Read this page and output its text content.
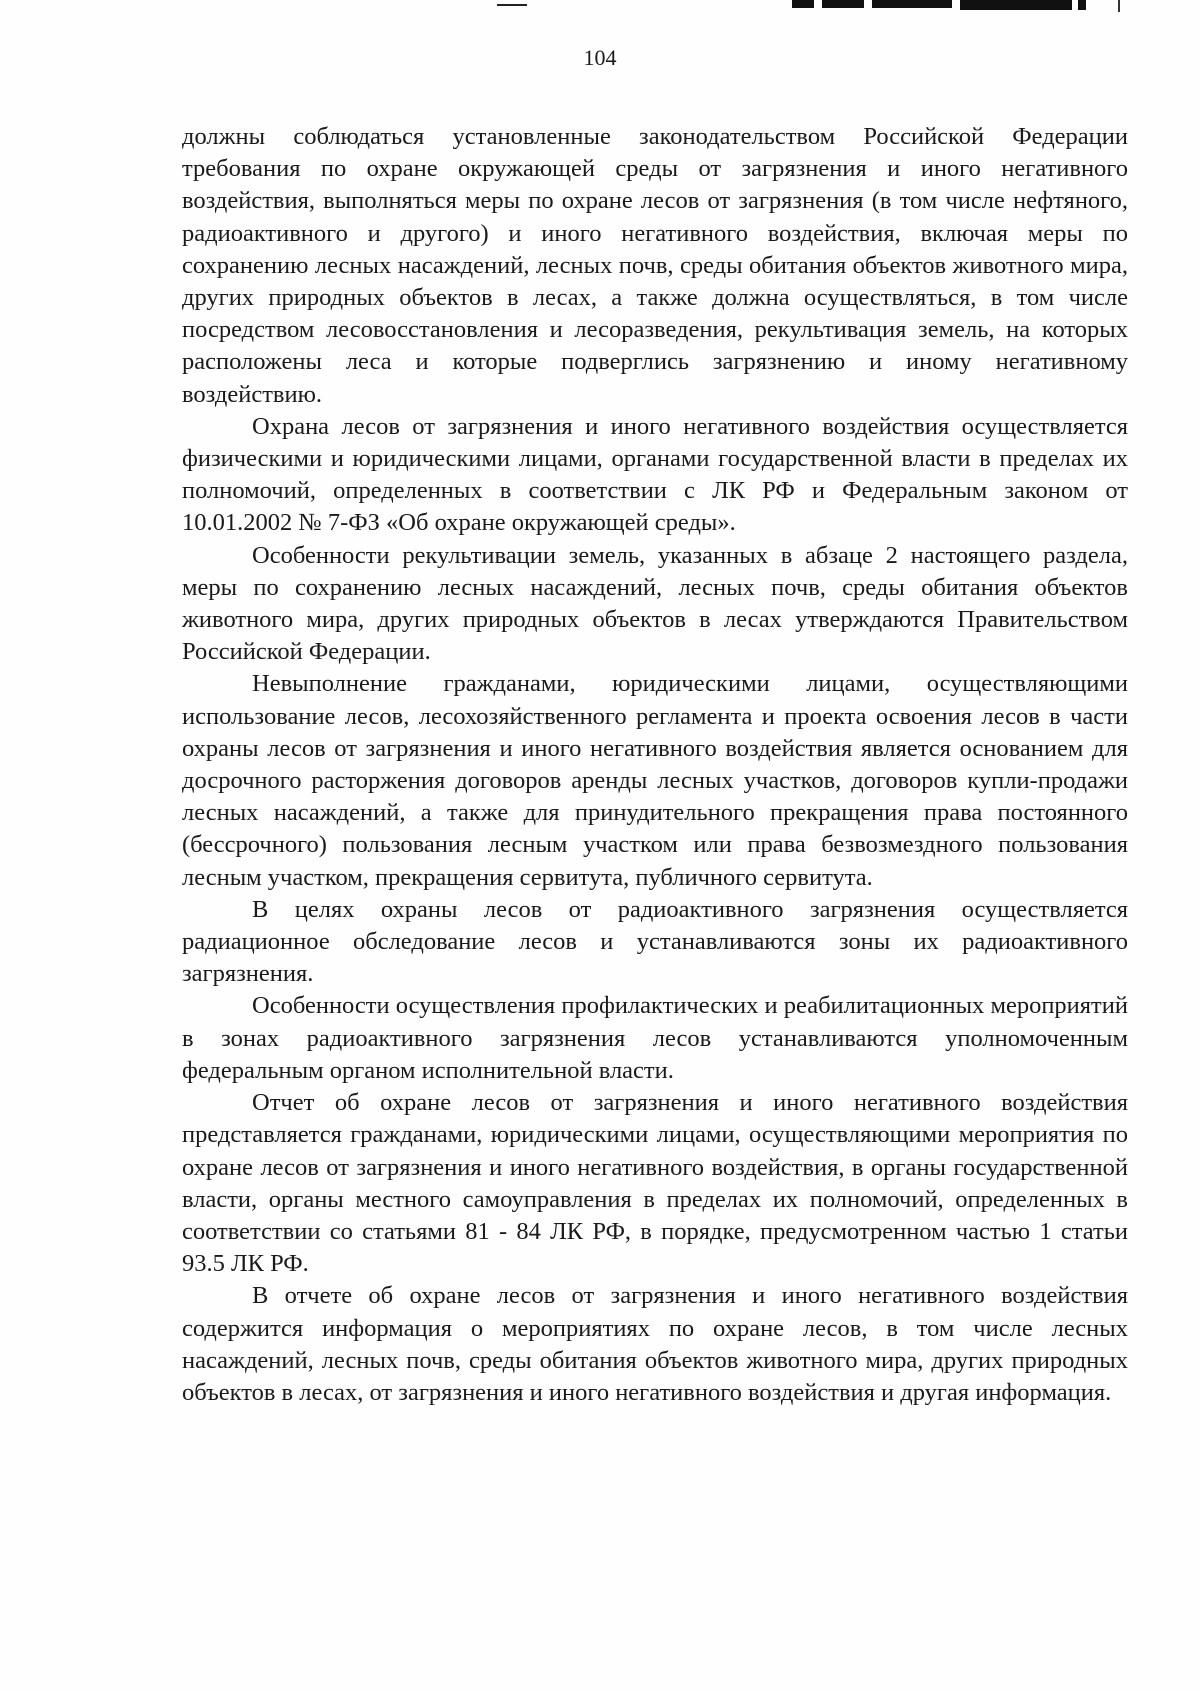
104

должны соблюдаться установленные законодательством Российской Федерации требования по охране окружающей среды от загрязнения и иного негативного воздействия, выполняться меры по охране лесов от загрязнения (в том числе нефтяного, радиоактивного и другого) и иного негативного воздействия, включая меры по сохранению лесных насаждений, лесных почв, среды обитания объектов животного мира, других природных объектов в лесах, а также должна осуществляться, в том числе посредством лесовосстановления и лесоразведения, рекультивация земель, на которых расположены леса и которые подверглись загрязнению и иному негативному воздействию.

Охрана лесов от загрязнения и иного негативного воздействия осуществляется физическими и юридическими лицами, органами государственной власти в пределах их полномочий, определенных в соответствии с ЛК РФ и Федеральным законом от 10.01.2002 № 7-ФЗ «Об охране окружающей среды».

Особенности рекультивации земель, указанных в абзаце 2 настоящего раздела, меры по сохранению лесных насаждений, лесных почв, среды обитания объектов животного мира, других природных объектов в лесах утверждаются Правительством Российской Федерации.

Невыполнение гражданами, юридическими лицами, осуществляющими использование лесов, лесохозяйственного регламента и проекта освоения лесов в части охраны лесов от загрязнения и иного негативного воздействия является основанием для досрочного расторжения договоров аренды лесных участков, договоров купли-продажи лесных насаждений, а также для принудительного прекращения права постоянного (бессрочного) пользования лесным участком или права безвозмездного пользования лесным участком, прекращения сервитута, публичного сервитута.

В целях охраны лесов от радиоактивного загрязнения осуществляется радиационное обследование лесов и устанавливаются зоны их радиоактивного загрязнения.

Особенности осуществления профилактических и реабилитационных мероприятий в зонах радиоактивного загрязнения лесов устанавливаются уполномоченным федеральным органом исполнительной власти.

Отчет об охране лесов от загрязнения и иного негативного воздействия представляется гражданами, юридическими лицами, осуществляющими мероприятия по охране лесов от загрязнения и иного негативного воздействия, в органы государственной власти, органы местного самоуправления в пределах их полномочий, определенных в соответствии со статьями 81 - 84 ЛК РФ, в порядке, предусмотренном частью 1 статьи 93.5 ЛК РФ.

В отчете об охране лесов от загрязнения и иного негативного воздействия содержится информация о мероприятиях по охране лесов, в том числе лесных насаждений, лесных почв, среды обитания объектов животного мира, других природных объектов в лесах, от загрязнения и иного негативного воздействия и другая информация.
